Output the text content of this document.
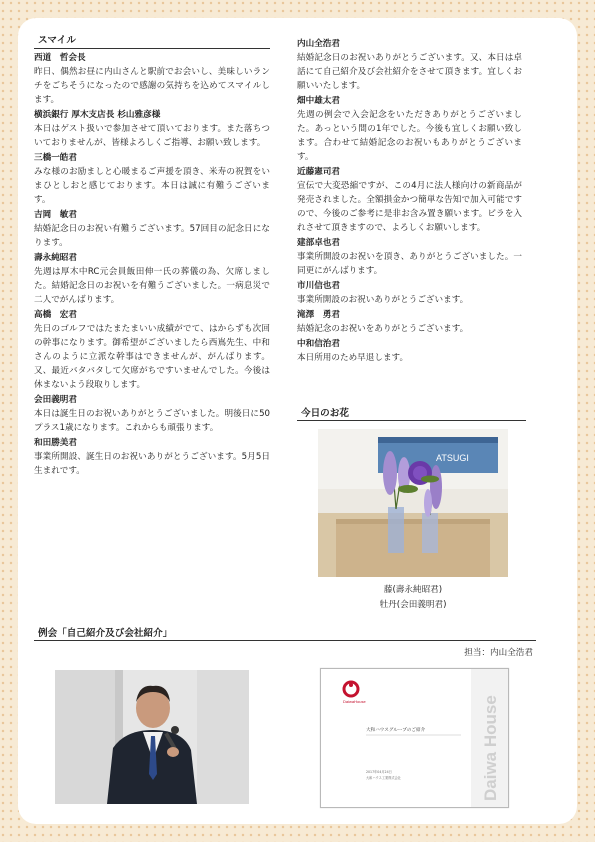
スマイル
西道　哲会長
昨日、偶然お昼に内山さんと駅前でお会いし、美味しいランチをごちそうになったので感謝の気持ちを込めてスマイルします。
横浜銀行 厚木支店長 杉山雅彦様
本日はゲスト扱いで参加させて頂いております。また落ちついておりませんが、皆様よろしくご指導、お願い致します。
三橋一皓君
みな様のお励ましと心暖まるご声援を頂き、米寿の祝賀をいまひとしおと感じております。本日は誠に有難うございます。
吉岡　敏君
結婚記念日のお祝い有難うございます。57回目の記念日になります。
壽永純昭君
先週は厚木中RC元会員飯田伸一氏の葬儀の為、欠席しました。結婚記念日のお祝いを有難うございました。一病息災で二人でがんばります。
高橋　宏君
先日のゴルフではたまたまいい成績がでて、はからずも次回の幹事になります。御希望がございましたら西嶌先生、中和さんのように立派な幹事はできませんが、がんばります。又、最近バタバタして欠席がちですいませんでした。今後は休まないよう段取りします。
会田義明君
本日は誕生日のお祝いありがとうございました。明後日に50プラス1歳になります。これからも頑張ります。
和田勝美君
事業所開設、誕生日のお祝いありがとうございます。5月5日生まれです。
内山全浩君
結婚記念日のお祝いありがとうございます。又、本日は卓話にて自己紹介及び会社紹介をさせて頂きます。宜しくお願いいたします。
畑中雄太君
先週の例会で入会記念をいただきありがとうございました。あっという間の1年でした。今後も宜しくお願い致します。合わせて結婚記念のお祝いもありがとうございます。
近藤憲司君
宣伝で大変恐縮ですが、この4月に法人様向けの新商品が発売されました。全額損金かつ簡単な告知で加入可能ですので、今後のご参考に是非お含み置き願います。ビラを入れさせて頂きますので、よろしくお願いします。
建部卓也君
事業所開設のお祝いを頂き、ありがとうございました。一同更にがんばります。
市川信也君
事業所開設のお祝いありがとうございます。
滝澤　勇君
結婚記念のお祝いをありがとうございます。
中和信治君
本日所用のため早退します。
今日のお花
ATSUGI
藤(壽永純昭君)
牡丹(会田義明君)
例会「自己紹介及び会社紹介」
担当：内山全浩君
DaiwaHouse
大和ハウスグループのご紹介
2017年04月24日
大和ハウス工業株式会社	Daiwa House
